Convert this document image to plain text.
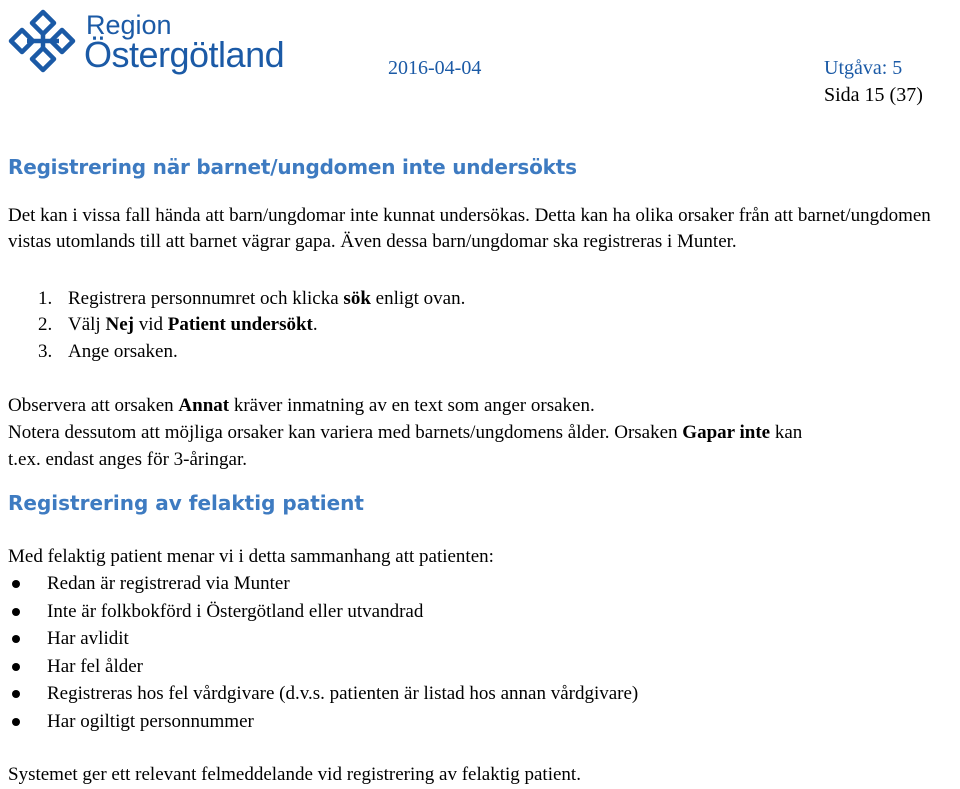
Region
Östergötland	2016-04-04	Utgåva: 5
Sida 15 (37)
Registrering när barnet/ungdomen inte undersökts

Det kan i vissa fall hända att barn/ungdomar inte kunnat undersökas. Detta kan ha olika orsaker från att barnet/ungdomen vistas utomlands till att barnet vägrar gapa. Även dessa barn/ungdomar ska registreras i Munter.

1. Registrera personnumret och klicka sök enligt ovan.
2. Välj Nej vid Patient undersökt.
3. Ange orsaken.
Observera att orsaken Annat kräver inmatning av en text som anger orsaken.
Notera dessutom att möjliga orsaker kan variera med barnets/ungdomens ålder. Orsaken Gapar inte kan
t.ex. endast anges för 3-åringar.
Registrering av felaktig patient

Med felaktig patient menar vi i detta sammanhang att patienten:

Redan är registrerad via Munter
Inte är folkbokförd i Östergötland eller utvandrad
Har avlidit
Har fel ålder
Registreras hos fel vårdgivare (d.v.s. patienten är listad hos annan vårdgivare)
Har ogiltigt personnummer

Systemet ger ett relevant felmeddelande vid registrering av felaktig patient.
